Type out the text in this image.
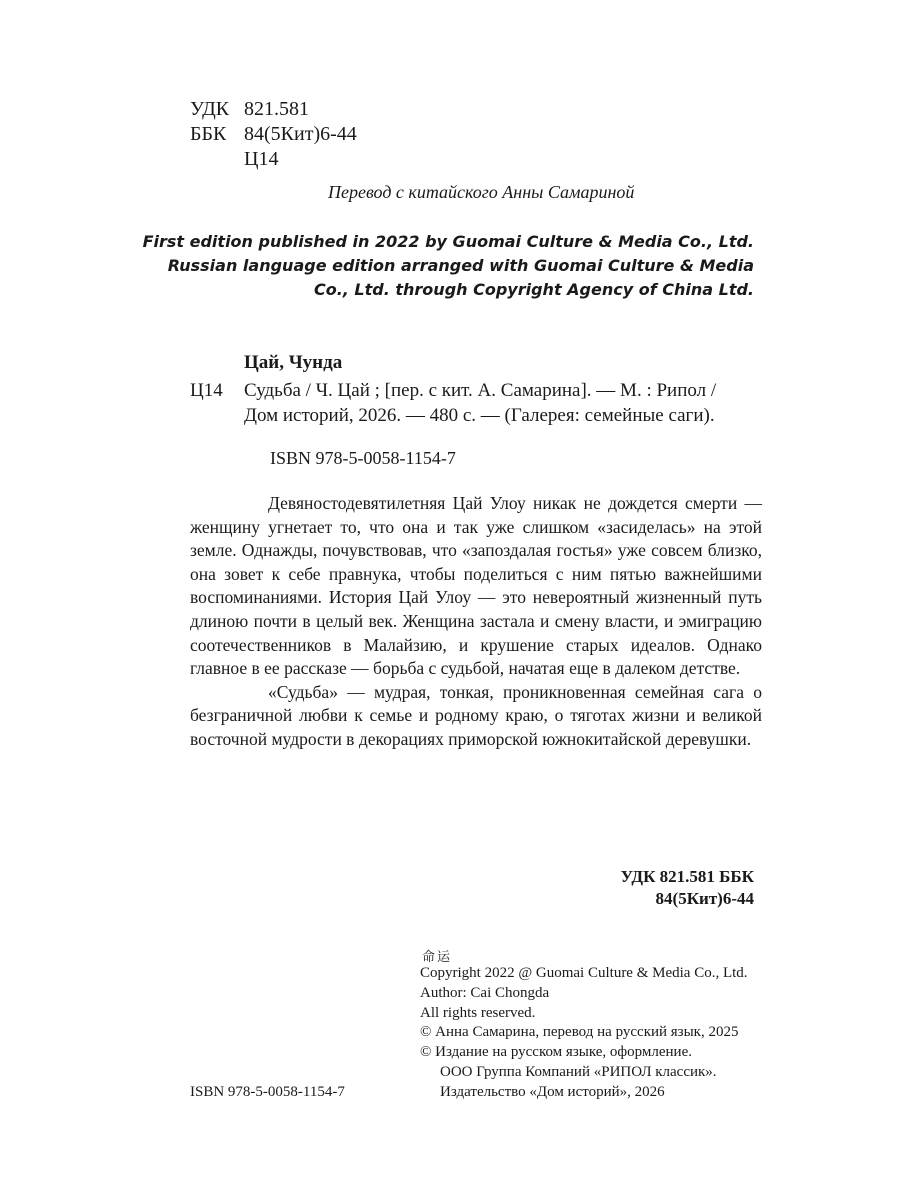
УДК 821.581
ББК 84(5Кит)6-44
Ц14
Перевод с китайского Анны Самариной
First edition published in 2022 by Guomai Culture & Media Co., Ltd.
Russian language edition arranged with Guomai Culture & Media
Co., Ltd. through Copyright Agency of China Ltd.
Цай, Чунда
Ц14 Судьба / Ч. Цай ; [пер. с кит. А. Самарина]. — М. : Рипол /
Дом историй, 2026. — 480 с. — (Галерея: семейные саги).
ISBN 978-5-0058-1154-7

Девяностодевятилетняя Цай Улоу никак не дождется смерти — женщину угнетает то, что она и так уже слишком «засиделась» на этой земле. Однажды, почувствовав, что «запоздалая гостья» уже совсем близко, она зовет к себе правнука, чтобы поделиться с ним пятью важнейшими воспоминаниями. История Цай Улоу — это невероятный жизненный путь длиною почти в целый век. Женщина застала и смену власти, и эмиграцию соотечественников в Малайзию, и крушение старых идеалов. Однако главное в ее рассказе — борьба с судьбой, начатая еще в далеком детстве.

«Судьба» — мудрая, тонкая, проникновенная семейная сага о безграничной любви к семье и родному краю, о тяготах жизни и великой восточной мудрости в декорациях приморской южнокитайской деревушки.

УДК 821.581 ББК
84(5Кит)6-44
命运
Copyright 2022 @ Guomai Culture & Media Co., Ltd.
Author: Cai Chongda
All rights reserved.
© Анна Самарина, перевод на русский язык, 2025
© Издание на русском языке, оформление.
ООО Группа Компаний «РИПОЛ классик».
Издательство «Дом историй», 2026
ISBN 978-5-0058-1154-7
